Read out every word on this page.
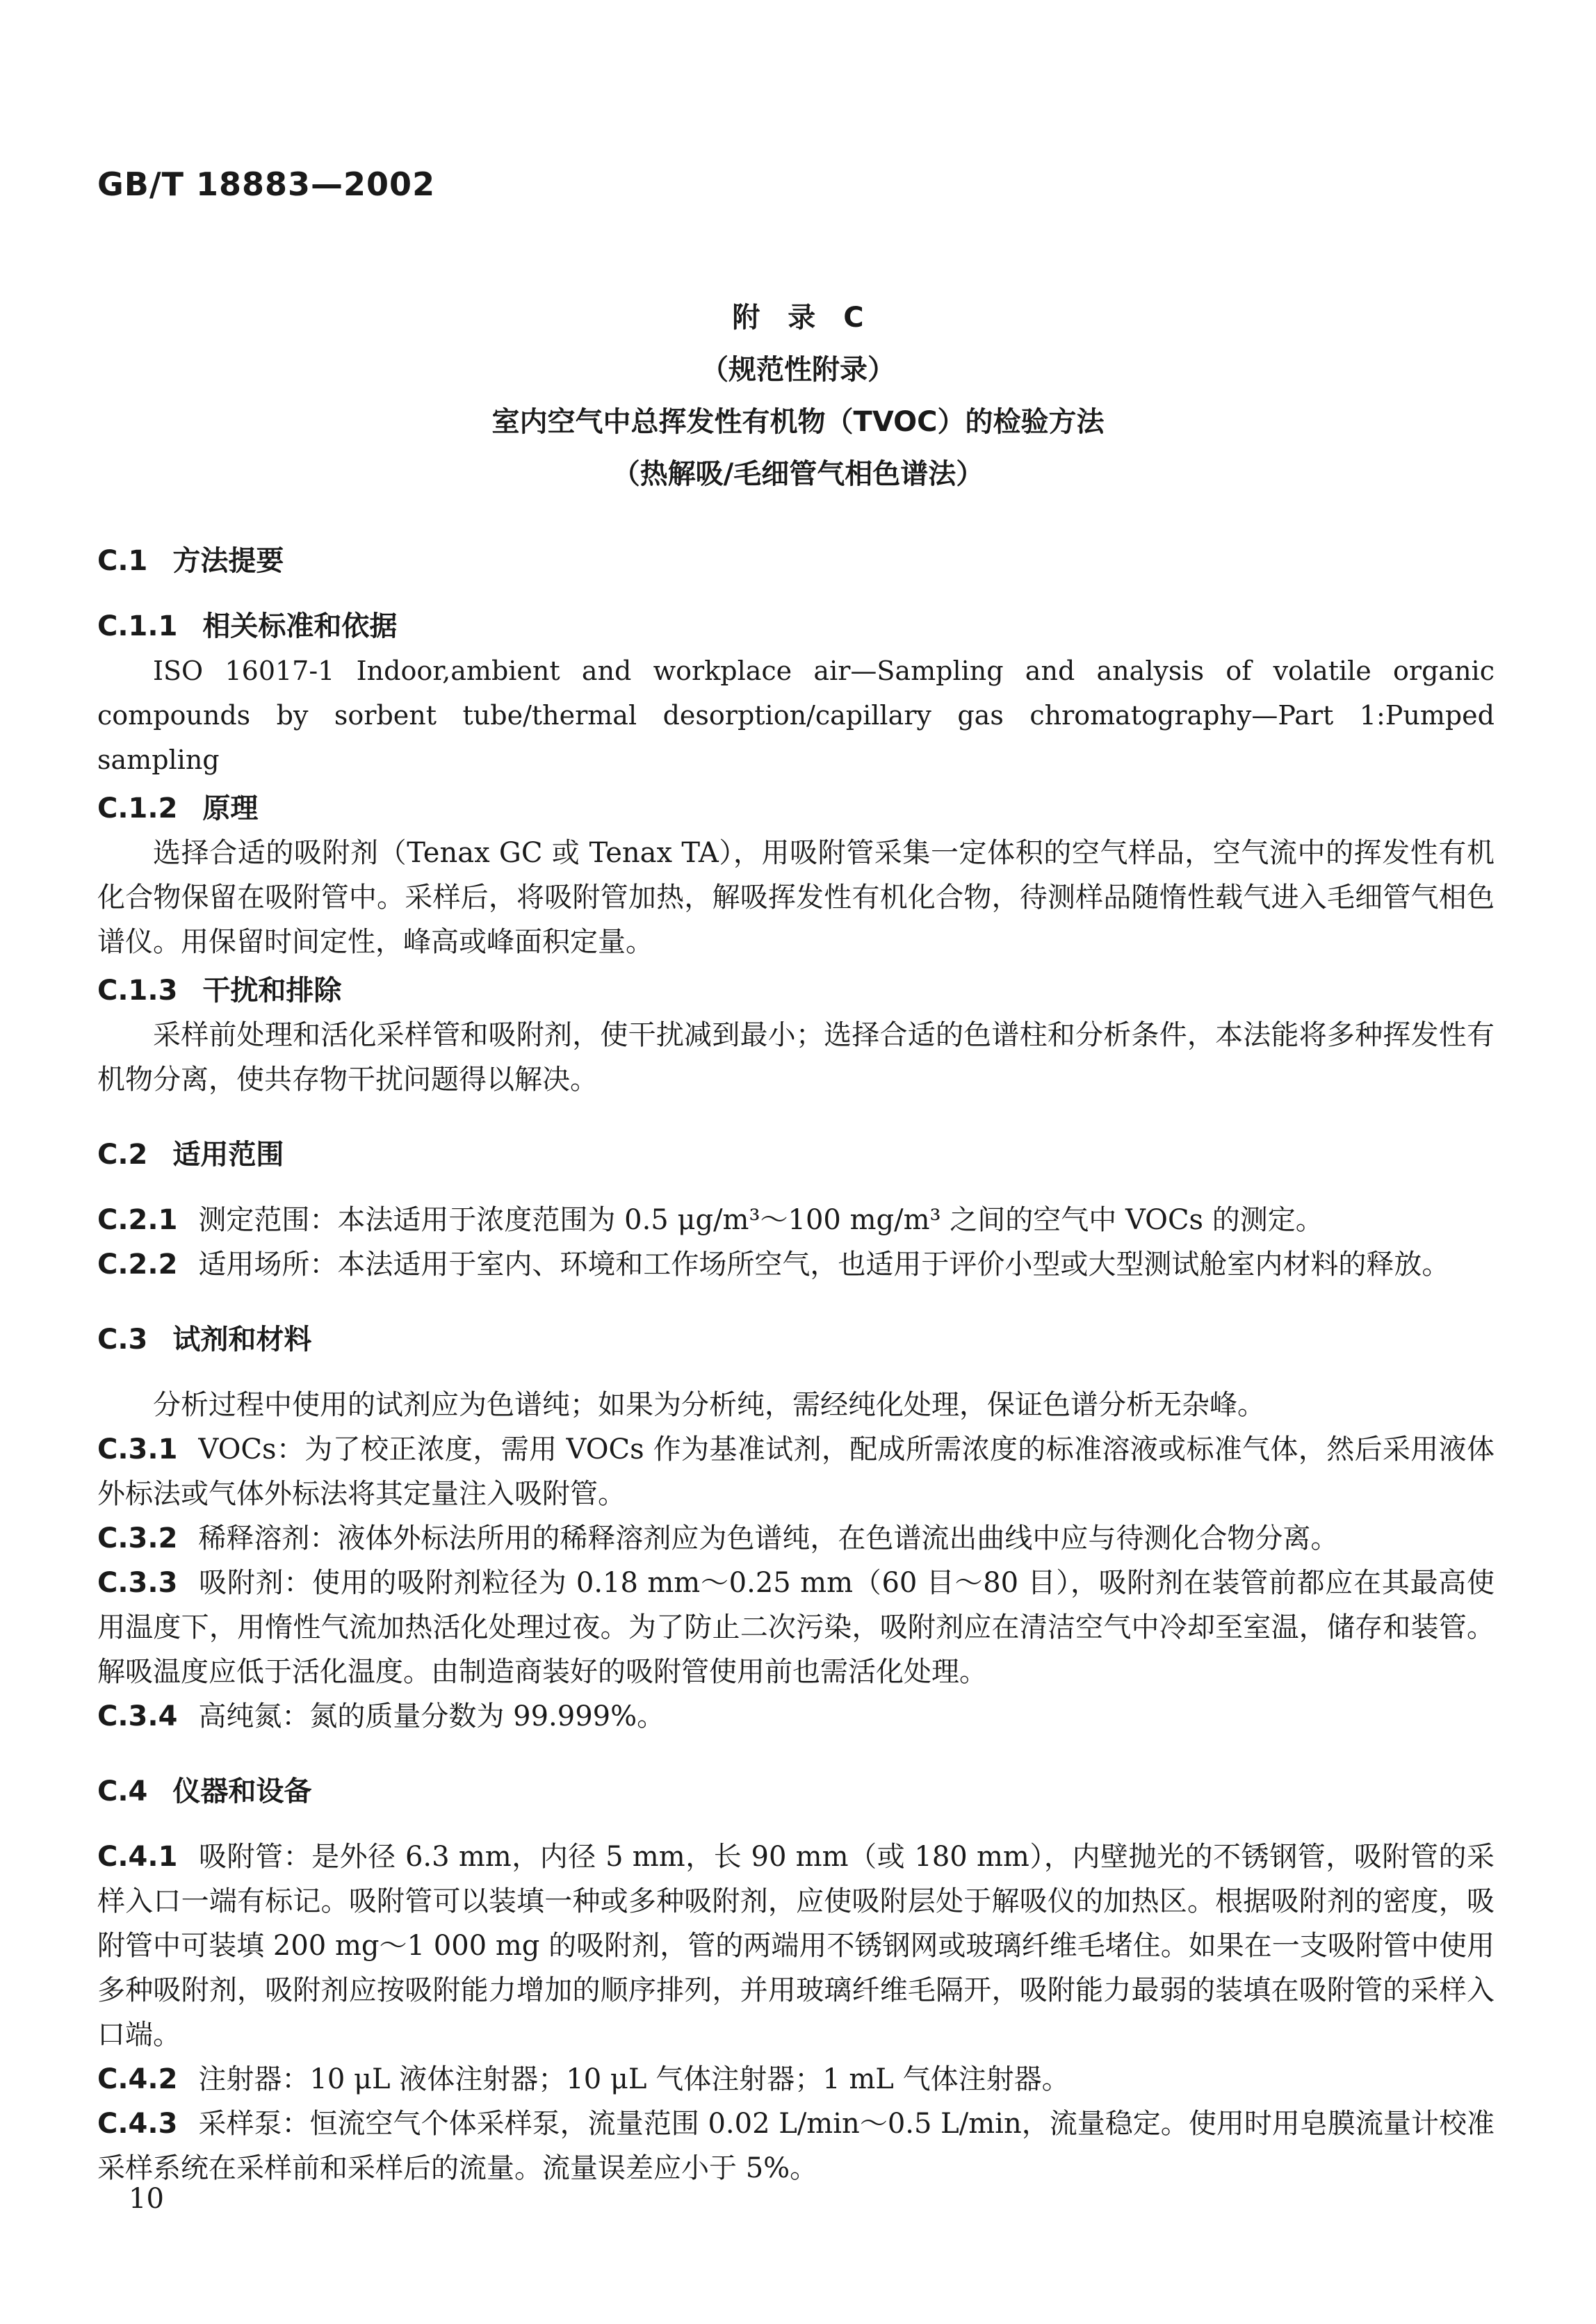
GB/T 18883—2002
附　录　C
（规范性附录）
室内空气中总挥发性有机物（TVOC）的检验方法
（热解吸/毛细管气相色谱法）
C.1 方法提要
C.1.1 相关标准和依据

ISO 16017-1 Indoor,ambient and workplace air—Sampling and analysis of volatile organic compounds by sorbent tube/thermal desorption/capillary gas chromatography—Part 1:Pumped sampling

C.1.2 原理

选择合适的吸附剂（Tenax GC 或 Tenax TA），用吸附管采集一定体积的空气样品，空气流中的挥发性有机化合物保留在吸附管中。采样后，将吸附管加热，解吸挥发性有机化合物，待测样品随惰性载气进入毛细管气相色谱仪。用保留时间定性，峰高或峰面积定量。

C.1.3 干扰和排除

采样前处理和活化采样管和吸附剂，使干扰减到最小；选择合适的色谱柱和分析条件，本法能将多种挥发性有机物分离，使共存物干扰问题得以解决。

C.2 适用范围

C.2.1 测定范围：本法适用于浓度范围为 0.5 μg/m³～100 mg/m³ 之间的空气中 VOCs 的测定。

C.2.2 适用场所：本法适用于室内、环境和工作场所空气，也适用于评价小型或大型测试舱室内材料的释放。

C.3 试剂和材料

分析过程中使用的试剂应为色谱纯；如果为分析纯，需经纯化处理，保证色谱分析无杂峰。

C.3.1 VOCs：为了校正浓度，需用 VOCs 作为基准试剂，配成所需浓度的标准溶液或标准气体，然后采用液体外标法或气体外标法将其定量注入吸附管。

C.3.2 稀释溶剂：液体外标法所用的稀释溶剂应为色谱纯，在色谱流出曲线中应与待测化合物分离。

C.3.3 吸附剂：使用的吸附剂粒径为 0.18 mm～0.25 mm（60 目～80 目），吸附剂在装管前都应在其最高使用温度下，用惰性气流加热活化处理过夜。为了防止二次污染，吸附剂应在清洁空气中冷却至室温，储存和装管。解吸温度应低于活化温度。由制造商装好的吸附管使用前也需活化处理。

C.3.4 高纯氮：氮的质量分数为 99.999%。

C.4 仪器和设备

C.4.1 吸附管：是外径 6.3 mm，内径 5 mm，长 90 mm（或 180 mm），内壁抛光的不锈钢管，吸附管的采样入口一端有标记。吸附管可以装填一种或多种吸附剂，应使吸附层处于解吸仪的加热区。根据吸附剂的密度，吸附管中可装填 200 mg～1 000 mg 的吸附剂，管的两端用不锈钢网或玻璃纤维毛堵住。如果在一支吸附管中使用多种吸附剂，吸附剂应按吸附能力增加的顺序排列，并用玻璃纤维毛隔开，吸附能力最弱的装填在吸附管的采样入口端。

C.4.2 注射器：10 μL 液体注射器；10 μL 气体注射器；1 mL 气体注射器。

C.4.3 采样泵：恒流空气个体采样泵，流量范围 0.02 L/min～0.5 L/min，流量稳定。使用时用皂膜流量计校准采样系统在采样前和采样后的流量。流量误差应小于 5%。

10
